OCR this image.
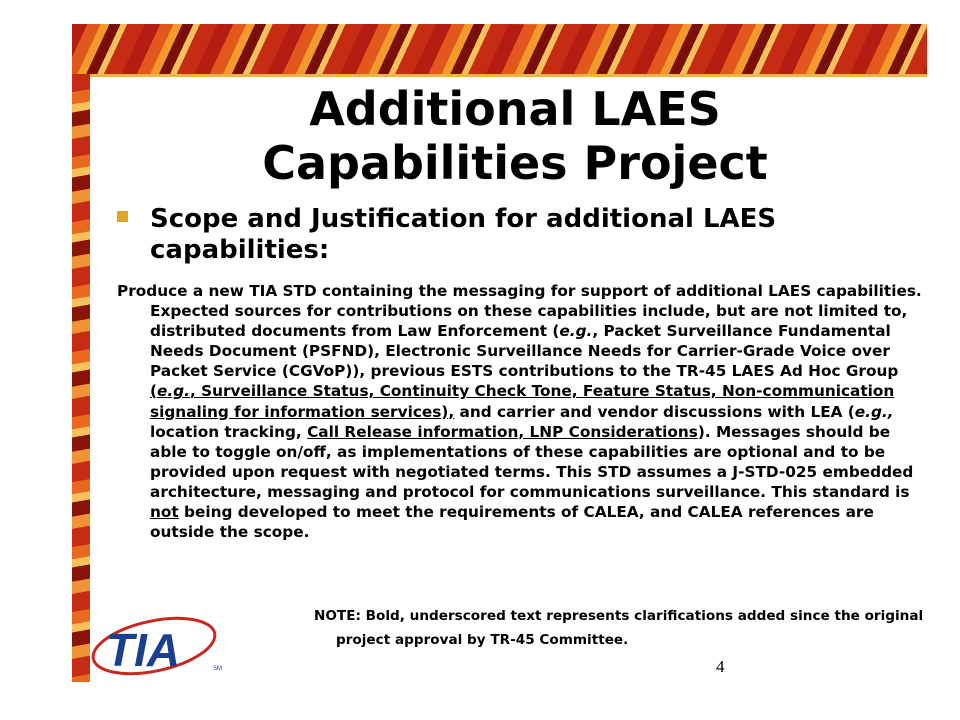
Additional LAES
Capabilities Project
Scope and Justification for additional LAES capabilities:
Produce a new TIA STD containing the messaging for support of additional LAES capabilities. Expected sources for contributions on these capabilities include, but are not limited to, distributed documents from Law Enforcement (e.g., Packet Surveillance Fundamental Needs Document (PSFND), Electronic Surveillance Needs for Carrier-Grade Voice over Packet Service (CGVoP)), previous ESTS contributions to the TR-45 LAES Ad Hoc Group (e.g., Surveillance Status, Continuity Check Tone, Feature Status, Non-communication signaling for information services), and carrier and vendor discussions with LEA (e.g., location tracking, Call Release information, LNP Considerations). Messages should be able to toggle on/off, as implementations of these capabilities are optional and to be provided upon request with negotiated terms. This STD assumes a J-STD-025 embedded architecture, messaging and protocol for communications surveillance. This standard is not being developed to meet the requirements of CALEA, and CALEA references are outside the scope.
NOTE: Bold, underscored text represents clarifications added since the original project approval by TR-45 Committee.
TIA	SM	4
